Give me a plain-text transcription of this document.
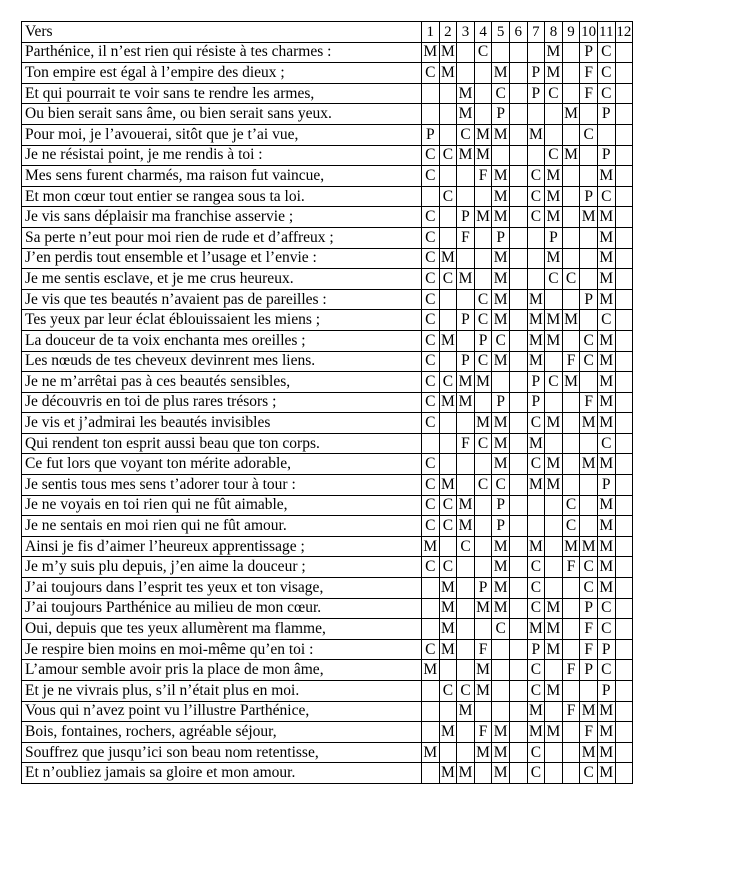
Vers	1	2	3	4	5	6	7	8	9	10	11	12
Parthénice, il n’est rien qui résiste à tes charmes :	M	M		C				M		P	C	
Ton empire est égal à l’empire des dieux ;	C	M			M		P	M		F	C	
Et qui pourrait te voir sans te rendre les armes,			M		C		P	C		F	C	
Ou bien serait sans âme, ou bien serait sans yeux.			M		P				M		P	
Pour moi, je l’avouerai, sitôt que je t’ai vue,	P		C	M	M		M			C		
Je ne résistai point, je me rendis à toi :	C	C	M	M				C	M		P	
Mes sens furent charmés, ma raison fut vaincue,	C			F	M		C	M			M	
Et mon cœur tout entier se rangea sous ta loi.		C			M		C	M		P	C	
Je vis sans déplaisir ma franchise asservie ;	C		P	M	M		C	M		M	M	
Sa perte n’eut pour moi rien de rude et d’affreux ;	C		F		P			P			M	
J’en perdis tout ensemble et l’usage et l’envie :	C	M			M			M			M	
Je me sentis esclave, et je me crus heureux.	C	C	M		M			C	C		M	
Je vis que tes beautés n’avaient pas de pareilles :	C			C	M		M			P	M	
Tes yeux par leur éclat éblouissaient les miens ;	C		P	C	M		M	M	M		C	
La douceur de ta voix enchanta mes oreilles ;	C	M		P	C		M	M		C	M	
Les nœuds de tes cheveux devinrent mes liens.	C		P	C	M		M		F	C	M	
Je ne m’arrêtai pas à ces beautés sensibles,	C	C	M	M			P	C	M		M	
Je découvris en toi de plus rares trésors ;	C	M	M		P		P			F	M	
Je vis et j’admirai les beautés invisibles	C			M	M		C	M		M	M	
Qui rendent ton esprit aussi beau que ton corps.			F	C	M		M				C	
Ce fut lors que voyant ton mérite adorable,	C				M		C	M		M	M	
Je sentis tous mes sens t’adorer tour à tour :	C	M		C	C		M	M			P	
Je ne voyais en toi rien qui ne fût aimable,	C	C	M		P				C		M	
Je ne sentais en moi rien qui ne fût amour.	C	C	M		P				C		M	
Ainsi je fis d’aimer l’heureux apprentissage ;	M		C		M		M		M	M	M	
Je m’y suis plu depuis, j’en aime la douceur ;	C	C			M		C		F	C	M	
J’ai toujours dans l’esprit tes yeux et ton visage,		M		P	M		C			C	M	
J’ai toujours Parthénice au milieu de mon cœur.		M		M	M		C	M		P	C	
Oui, depuis que tes yeux allumèrent ma flamme,		M			C		M	M		F	C	
Je respire bien moins en moi-même qu’en toi :	C	M		F			P	M		F	P	
L’amour semble avoir pris la place de mon âme,	M			M			C		F	P	C	
Et je ne vivrais plus, s’il n’était plus en moi.		C	C	M			C	M			P	
Vous qui n’avez point vu l’illustre Parthénice,			M				M		F	M	M	
Bois, fontaines, rochers, agréable séjour,		M		F	M		M	M		F	M	
Souffrez que jusqu’ici son beau nom retentisse,	M			M	M		C			M	M	
Et n’oubliez jamais sa gloire et mon amour.		M	M		M		C			C	M	
